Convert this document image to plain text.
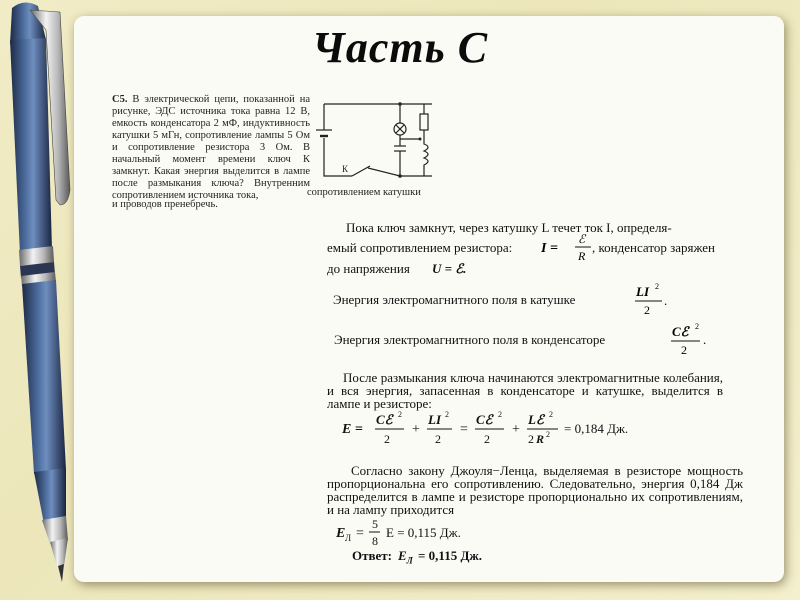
Часть С
С5. В электрической цепи, показанной на рисунке, ЭДС источника тока равна 12 В, емкость конденсатора 2 мФ, индуктивность катушки 5 мГн, сопротивление лампы 5 Ом и сопротивление резистора 3 Ом. В начальный момент времени ключ К замкнут. Какая энергия выделится в лампе после размыкания ключа? Внутренним сопротивлением источника тока,	сопротивлением катушки
и проводов пренебречь.
К
Пока ключ замкнут, через катушку L течет ток I, определя-
емый сопротивлением резистора: I =
ℰ
R
, конденсатор заряжен
до напряжения U = ℰ.
Энергия электромагнитного поля в катушке
LI 2
2
.
Энергия электромагнитного поля в конденсаторе
Cℰ 2
2
.
После размыкания ключа начинаются электромагнитные колебания, и вся энергия, запасенная в конденсаторе и катушке, выделится в лампе и резисторе:
E =
Cℰ 2
2
+
LI 2
2
=
Cℰ 2
2
+
Lℰ 2
2 R 2 = 0,184 Дж.
Согласно закону Джоуля−Ленца, выделяемая в резисторе мощность пропорциональна его сопротивлению. Следовательно, энергия 0,184 Дж распределится в лампе и резисторе пропорционально их сопротивлениям, и на лампу приходится
E Л =
5
8
E = 0,115 Дж.
Ответ: $E_Л = 0,115$ Дж.
